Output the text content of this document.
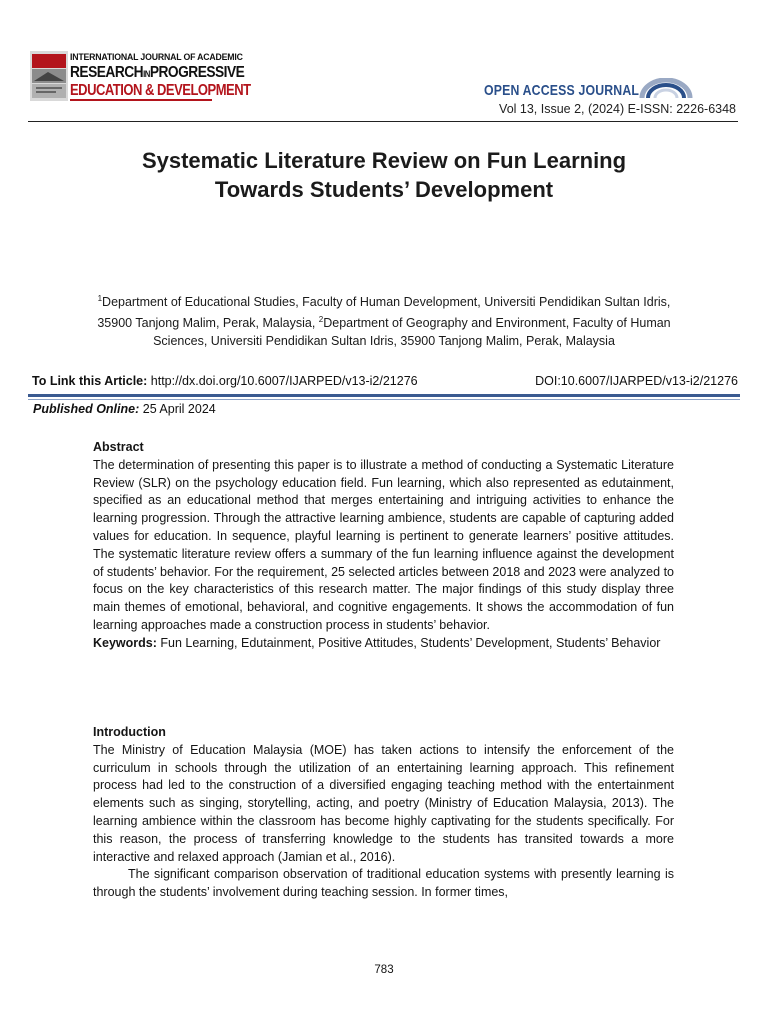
INTERNATIONAL JOURNAL OF ACADEMIC
RESEARCHINPROGRESSIVE
EDUCATION & DEVELOPMENT	OPEN ACCESS JOURNAL
Vol 13, Issue 2, (2024) E-ISSN: 2226-6348
Systematic Literature Review on Fun Learning
Towards Students’ Development
$^1$Department of Educational Studies, Faculty of Human Development, Universiti Pendidikan Sultan Idris, 35900 Tanjong Malim, Perak, Malaysia, $^2$Department of Geography and Environment, Faculty of Human Sciences, Universiti Pendidikan Sultan Idris, 35900 Tanjong Malim, Perak, Malaysia
To Link this Article: http://dx.doi.org/10.6007/IJARPED/v13-i2/21276	DOI:10.6007/IJARPED/v13-i2/21276
Published Online: 25 April 2024

Abstract

The determination of presenting this paper is to illustrate a method of conducting a Systematic Literature Review (SLR) on the psychology education field. Fun learning, which also represented as edutainment, specified as an educational method that merges entertaining and intriguing activities to enhance the learning progression. Through the attractive learning ambience, students are capable of capturing added values for education. In sequence, playful learning is pertinent to generate learners’ positive attitudes. The systematic literature review offers a summary of the fun learning influence against the development of students’ behavior. For the requirement, 25 selected articles between 2018 and 2023 were analyzed to focus on the key characteristics of this research matter. The major findings of this study display three main themes of emotional, behavioral, and cognitive engagements. It shows the accommodation of fun learning approaches made a construction process in students’ behavior.

Keywords: Fun Learning, Edutainment, Positive Attitudes, Students’ Development, Students’ Behavior

Introduction

The Ministry of Education Malaysia (MOE) has taken actions to intensify the enforcement of the curriculum in schools through the utilization of an entertaining learning approach. This refinement process had led to the construction of a diversified engaging teaching method with the entertainment elements such as singing, storytelling, acting, and poetry (Ministry of Education Malaysia, 2013). The learning ambience within the classroom has become highly captivating for the students specifically. For this reason, the process of transferring knowledge to the students has transited towards a more interactive and relaxed approach (Jamian et al., 2016).

The significant comparison observation of traditional education systems with presently learning is through the students’ involvement during teaching session. In former times,

783
